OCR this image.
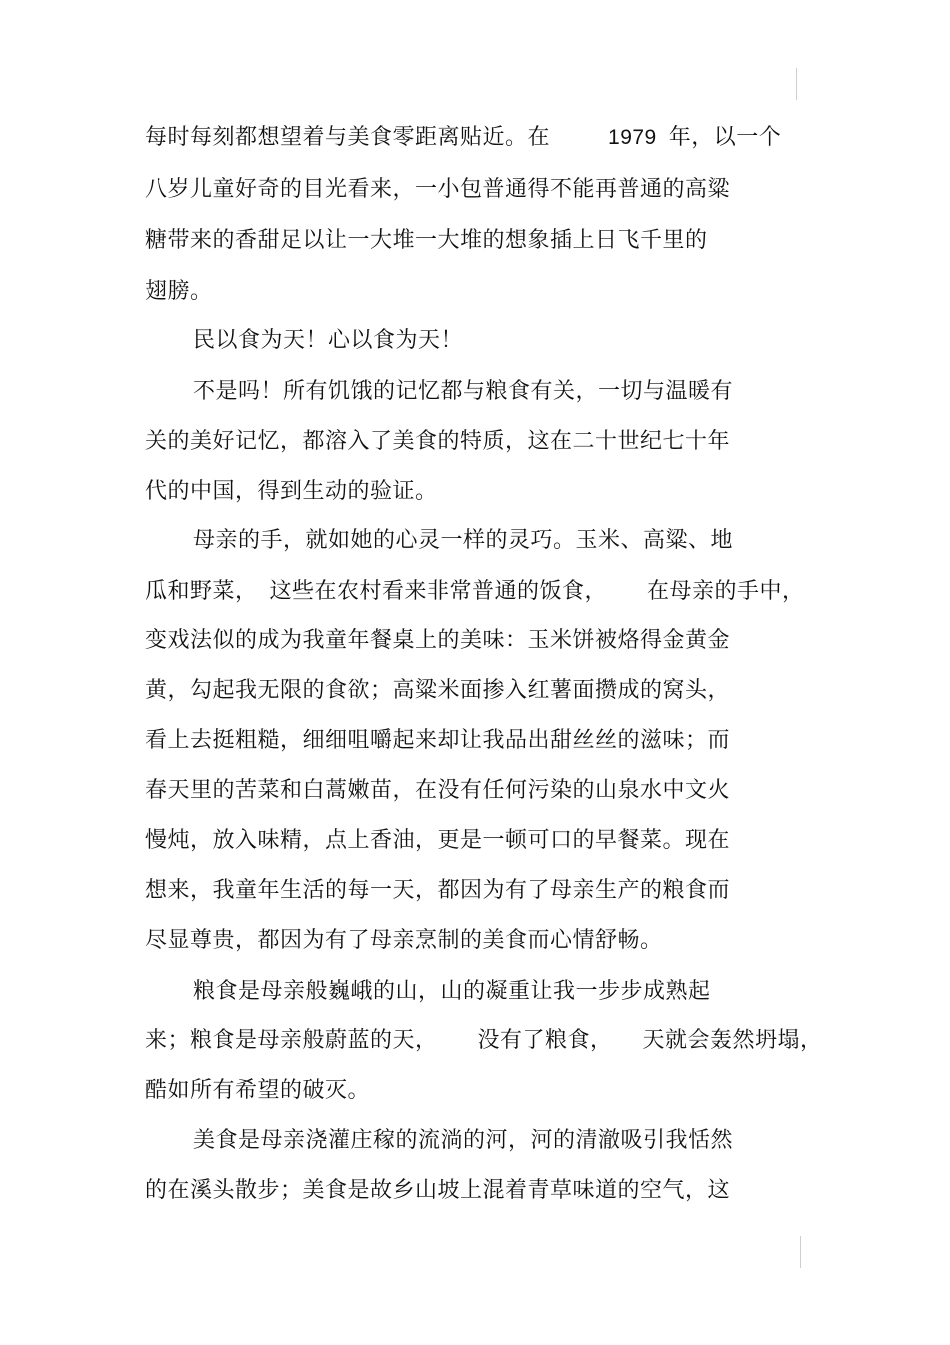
每时每刻都想望着与美食零距离贴近。在	1979 年，以一个
八岁儿童好奇的目光看来，一小包普通得不能再普通的高粱
糖带来的香甜足以让一大堆一大堆的想象插上日飞千里的
翅膀。
民以食为天！心以食为天！
不是吗！所有饥饿的记忆都与粮食有关，一切与温暖有
关的美好记忆，都溶入了美食的特质，这在二十世纪七十年
代的中国，得到生动的验证。
母亲的手，就如她的心灵一样的灵巧。玉米、高粱、地
瓜和野菜， 这些在农村看来非常普通的饭食， 在母亲的手中，
变戏法似的成为我童年餐桌上的美味：玉米饼被烙得金黄金
黄，勾起我无限的食欲；高粱米面掺入红薯面攒成的窝头，
看上去挺粗糙，细细咀嚼起来却让我品出甜丝丝的滋味；而
春天里的苦菜和白蒿嫩苗，在没有任何污染的山泉水中文火
慢炖，放入味精，点上香油，更是一顿可口的早餐菜。现在
想来，我童年生活的每一天，都因为有了母亲生产的粮食而
尽显尊贵，都因为有了母亲烹制的美食而心情舒畅。
粮食是母亲般巍峨的山，山的凝重让我一步步成熟起
来；粮食是母亲般蔚蓝的天， 没有了粮食， 天就会轰然坍塌，
酷如所有希望的破灭。
美食是母亲浇灌庄稼的流淌的河，河的清澈吸引我恬然
的在溪头散步；美食是故乡山坡上混着青草味道的空气，这
